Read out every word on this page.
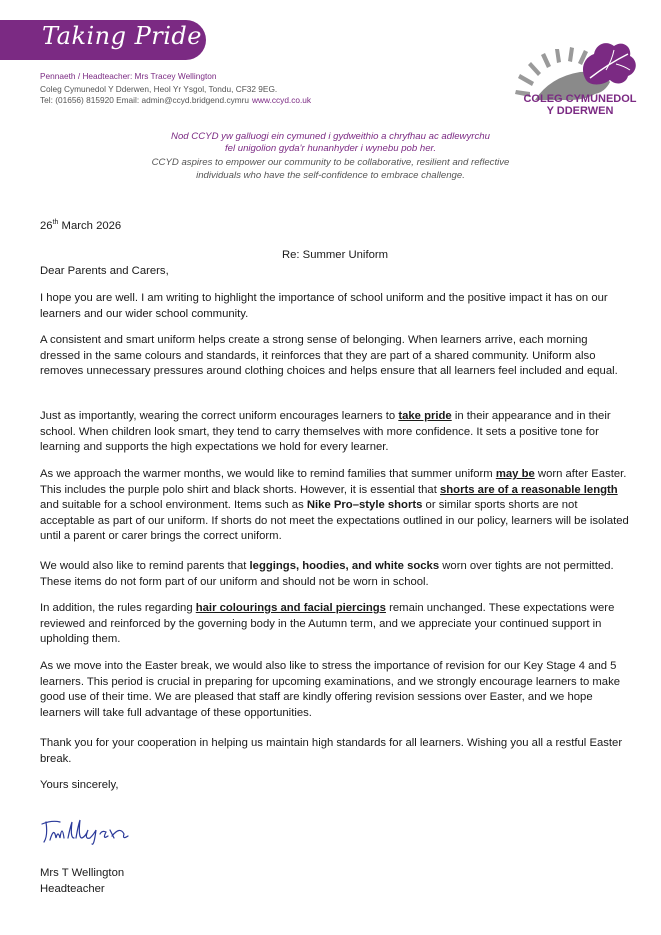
Taking Pride
Pennaeth / Headteacher: Mrs Tracey Wellington
Coleg Cymunedol Y Dderwen, Heol Yr Ysgol, Tondu, CF32 9EG.
Tel: (01656) 815920 Email: admin@ccyd.bridgend.cymru www.ccyd.co.uk	COLEG CYMUNEDOL
Y DDERWEN
Nod CCYD yw galluogi ein cymuned i gydweithio a chryfhau ac adlewyrchu
fel unigolion gyda'r hunanhyder i wynebu pob her.
CCYD aspires to empower our community to be collaborative, resilient and reflective
individuals who have the self-confidence to embrace challenge.
26th March 2026
Re: Summer Uniform
Dear Parents and Carers,
I hope you are well. I am writing to highlight the importance of school uniform and the positive impact it has on our learners and our wider school community.
A consistent and smart uniform helps create a strong sense of belonging. When learners arrive, each morning dressed in the same colours and standards, it reinforces that they are part of a shared community. Uniform also removes unnecessary pressures around clothing choices and helps ensure that all learners feel included and equal.

Just as importantly, wearing the correct uniform encourages learners to take pride in their appearance and in their school. When children look smart, they tend to carry themselves with more confidence. It sets a positive tone for learning and supports the high expectations we hold for every learner.

As we approach the warmer months, we would like to remind families that summer uniform may be worn after Easter. This includes the purple polo shirt and black shorts. However, it is essential that shorts are of a reasonable length and suitable for a school environment. Items such as Nike Pro–style shorts or similar sports shorts are not acceptable as part of our uniform. If shorts do not meet the expectations outlined in our policy, learners will be isolated until a parent or carer brings the correct uniform.

We would also like to remind parents that leggings, hoodies, and white socks worn over tights are not permitted. These items do not form part of our uniform and should not be worn in school.

In addition, the rules regarding hair colourings and facial piercings remain unchanged. These expectations were reviewed and reinforced by the governing body in the Autumn term, and we appreciate your continued support in upholding them.

As we move into the Easter break, we would also like to stress the importance of revision for our Key Stage 4 and 5 learners. This period is crucial in preparing for upcoming examinations, and we strongly encourage learners to make good use of their time. We are pleased that staff are kindly offering revision sessions over Easter, and we hope learners will take full advantage of these opportunities.
Thank you for your cooperation in helping us maintain high standards for all learners. Wishing you all a restful Easter break.
Yours sincerely,
Mrs T Wellington
Headteacher
